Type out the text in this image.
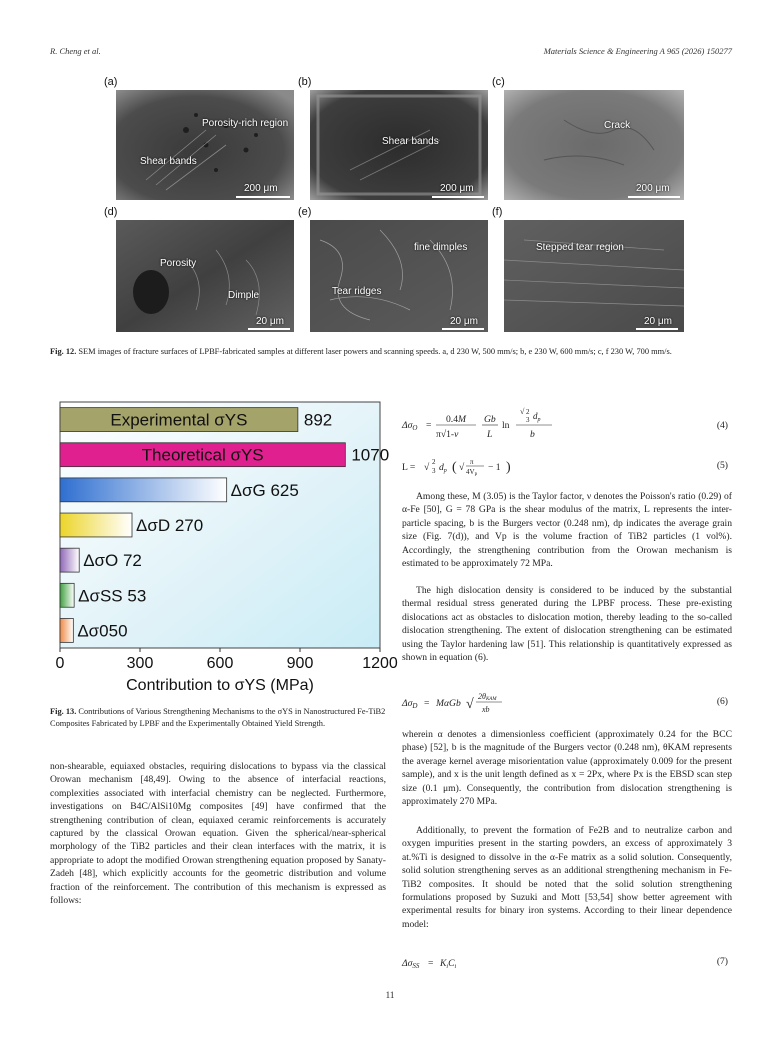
R. Cheng et al.	Materials Science & Engineering A 965 (2026) 150277
(a)
Porosity-rich region
Shear bands
200 μm
(b)
Shear bands
200 μm
(c)
Crack
200 μm
(d)
Porosity
Dimple
20 μm
(e)
fine dimples
Tear ridges
20 μm
(f)
Stepped tear region
20 μm
Fig. 12. SEM images of fracture surfaces of LPBF-fabricated samples at different laser powers and scanning speeds. a, d 230 W, 500 mm/s; b, e 230 W, 600 mm/s; c, f 230 W, 700 mm/s.
Experimental σYS	892
Theoretical σYS	1070
ΔσG 625
ΔσD 270
ΔσO 72
ΔσSS 53
Δσ050
0	300	600	900	1200
Contribution to σYS (MPa)
Fig. 13. Contributions of Various Strengthening Mechanisms to the σYS in Nanostructured Fe-TiB2 Composites Fabricated by LPBF and the Experimentally Obtained Yield Strength.
non-shearable, equiaxed obstacles, requiring dislocations to bypass via the classical Orowan mechanism [48,49]. Owing to the absence of interfacial reactions, complexities associated with interfacial chemistry can be neglected. Furthermore, investigations on B4C/AlSi10Mg composites [49] have confirmed that the strengthening contribution of clean, equiaxed ceramic reinforcements is accurately captured by the classical Orowan equation. Given the spherical/near-spherical morphology of the TiB2 particles and their clean interfaces with the matrix, it is appropriate to adopt the modified Orowan strengthening equation proposed by Sanaty-Zadeh [48], which explicitly accounts for the geometric distribution and volume fraction of the reinforcement. The contribution of this mechanism is expressed as follows:
$\Delta\sigma_O$ =
0.4M
π√1-ν
Gb
L
ln
√ 2
3 $d_p$
b
(4)
L = √ 2
3 $d_p$ ( √ π
4Vp
− 1 )	(5)
Among these, M (3.05) is the Taylor factor, ν denotes the Poisson's ratio (0.29) of α-Fe [50], G = 78 GPa is the shear modulus of the matrix, L represents the inter-particle spacing, b is the Burgers vector (0.248 nm), dp indicates the average grain size (Fig. 7(d)), and Vp is the volume fraction of TiB2 particles (1 vol%). Accordingly, the strengthening contribution from the Orowan mechanism is estimated to be approximately 72 MPa.
The high dislocation density is considered to be induced by the substantial thermal residual stress generated during the LPBF process. These pre-existing dislocations act as obstacles to dislocation motion, thereby leading to the so-called dislocation strengthening. The extent of dislocation strengthening can be estimated using the Taylor hardening law [51]. This relationship is quantitatively expressed as shown in equation (6).
$\Delta\sigma_D = M\alpha Gb$ √
2θKAM
xb
(6)
wherein α denotes a dimensionless coefficient (approximately 0.24 for the BCC phase) [52], b is the magnitude of the Burgers vector (0.248 nm), θKAM represents the average kernel average misorientation value (approximately 0.009 for the present sample), and x is the unit length defined as x = 2Px, where Px is the EBSD scan step size (0.1 μm). Consequently, the contribution from dislocation strengthening is approximately 270 MPa.
Additionally, to prevent the formation of Fe2B and to neutralize carbon and oxygen impurities present in the starting powders, an excess of approximately 3 at.%Ti is designed to dissolve in the α-Fe matrix as a solid solution. Consequently, solid solution strengthening serves as an additional strengthening mechanism in Fe-TiB2 composites. It should be noted that the solid solution strengthening formulations proposed by Suzuki and Mott [53,54] show better agreement with experimental results for binary iron systems. According to their linear dependence model:
$\Delta\sigma_{SS} = K_iC_i$	(7)
11
